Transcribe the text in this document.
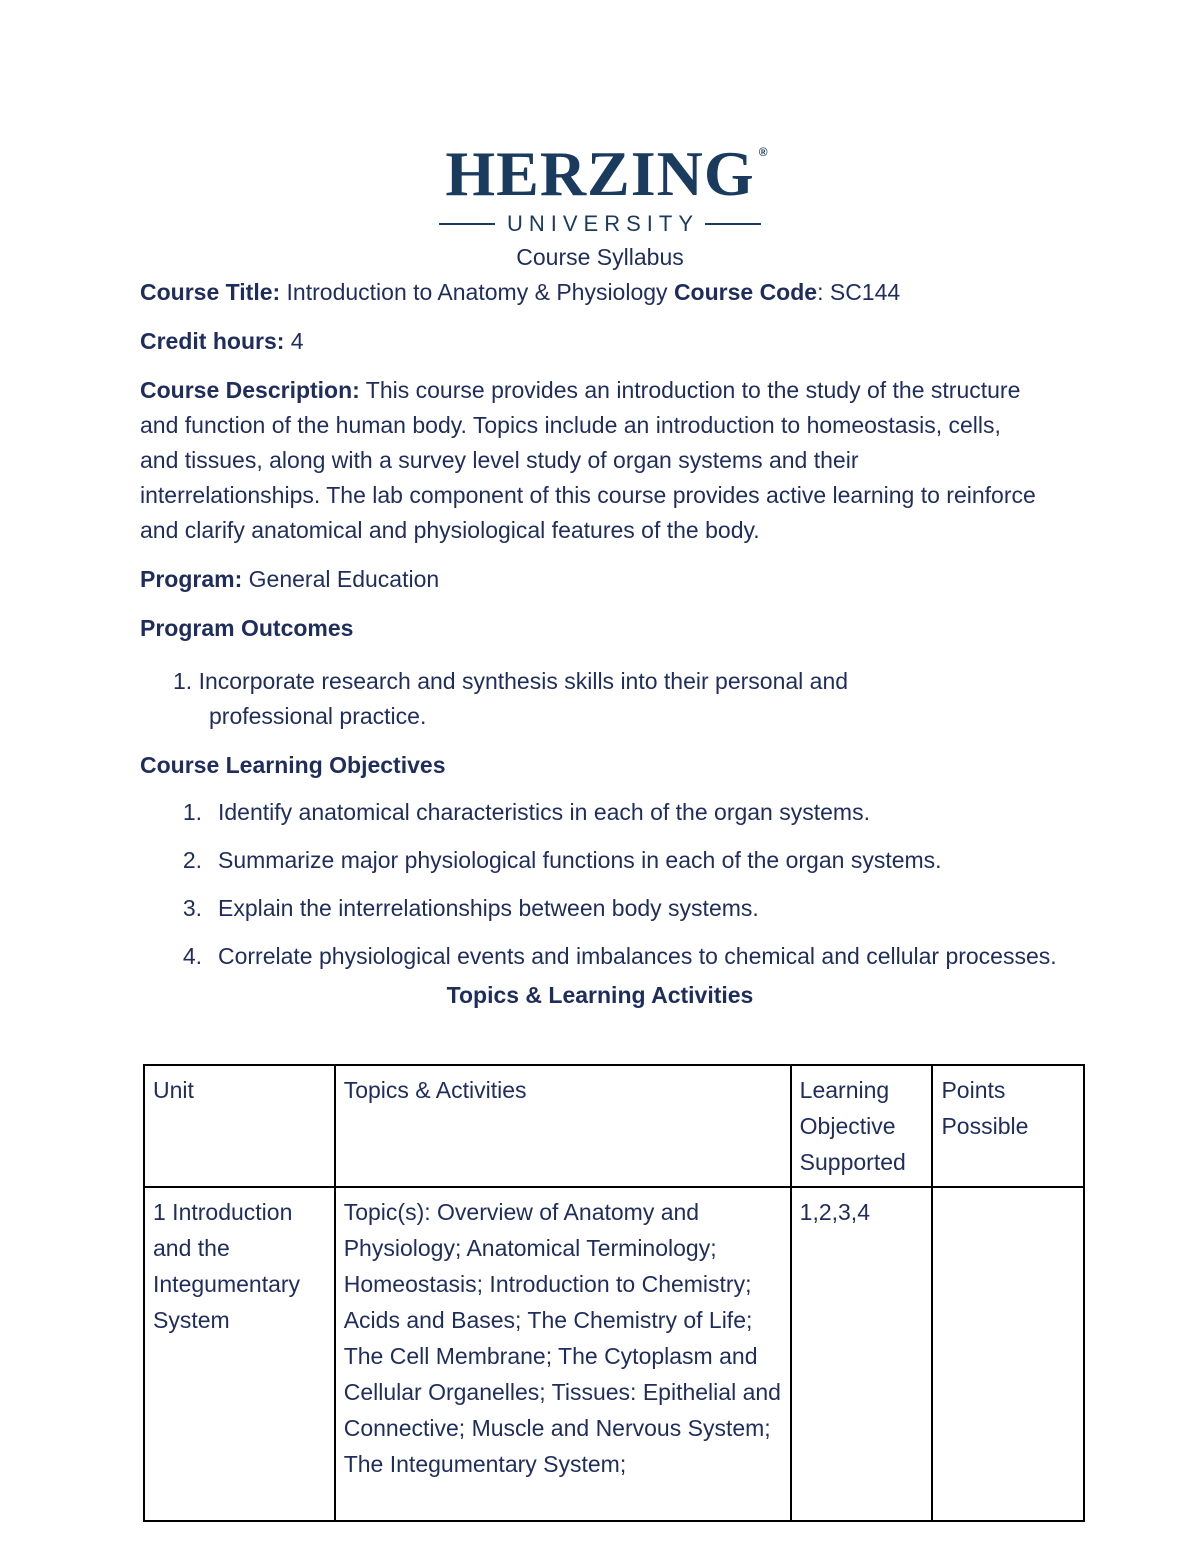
HERZING ®
UNIVERSITY

Course Syllabus

Course Title: Introduction to Anatomy & Physiology Course Code: SC144

Credit hours: 4

Course Description: This course provides an introduction to the study of the structure and function of the human body. Topics include an introduction to homeostasis, cells, and tissues, along with a survey level study of organ systems and their interrelationships. The lab component of this course provides active learning to reinforce and clarify anatomical and physiological features of the body.

Program: General Education

Program Outcomes

1. Incorporate research and synthesis skills into their personal and
professional practice.

Course Learning Objectives

1. Identify anatomical characteristics in each of the organ systems.
2. Summarize major physiological functions in each of the organ systems.
3. Explain the interrelationships between body systems.
4. Correlate physiological events and imbalances to chemical and cellular processes.

Topics & Learning Activities

Unit	Topics & Activities	Learning Objective Supported	Points Possible
1 Introduction and the Integumentary System	Topic(s): Overview of Anatomy and Physiology; Anatomical Terminology; Homeostasis; Introduction to Chemistry; Acids and Bases; The Chemistry of Life; The Cell Membrane; The Cytoplasm and Cellular Organelles; Tissues: Epithelial and Connective; Muscle and Nervous System; The Integumentary System;	1,2,3,4	
